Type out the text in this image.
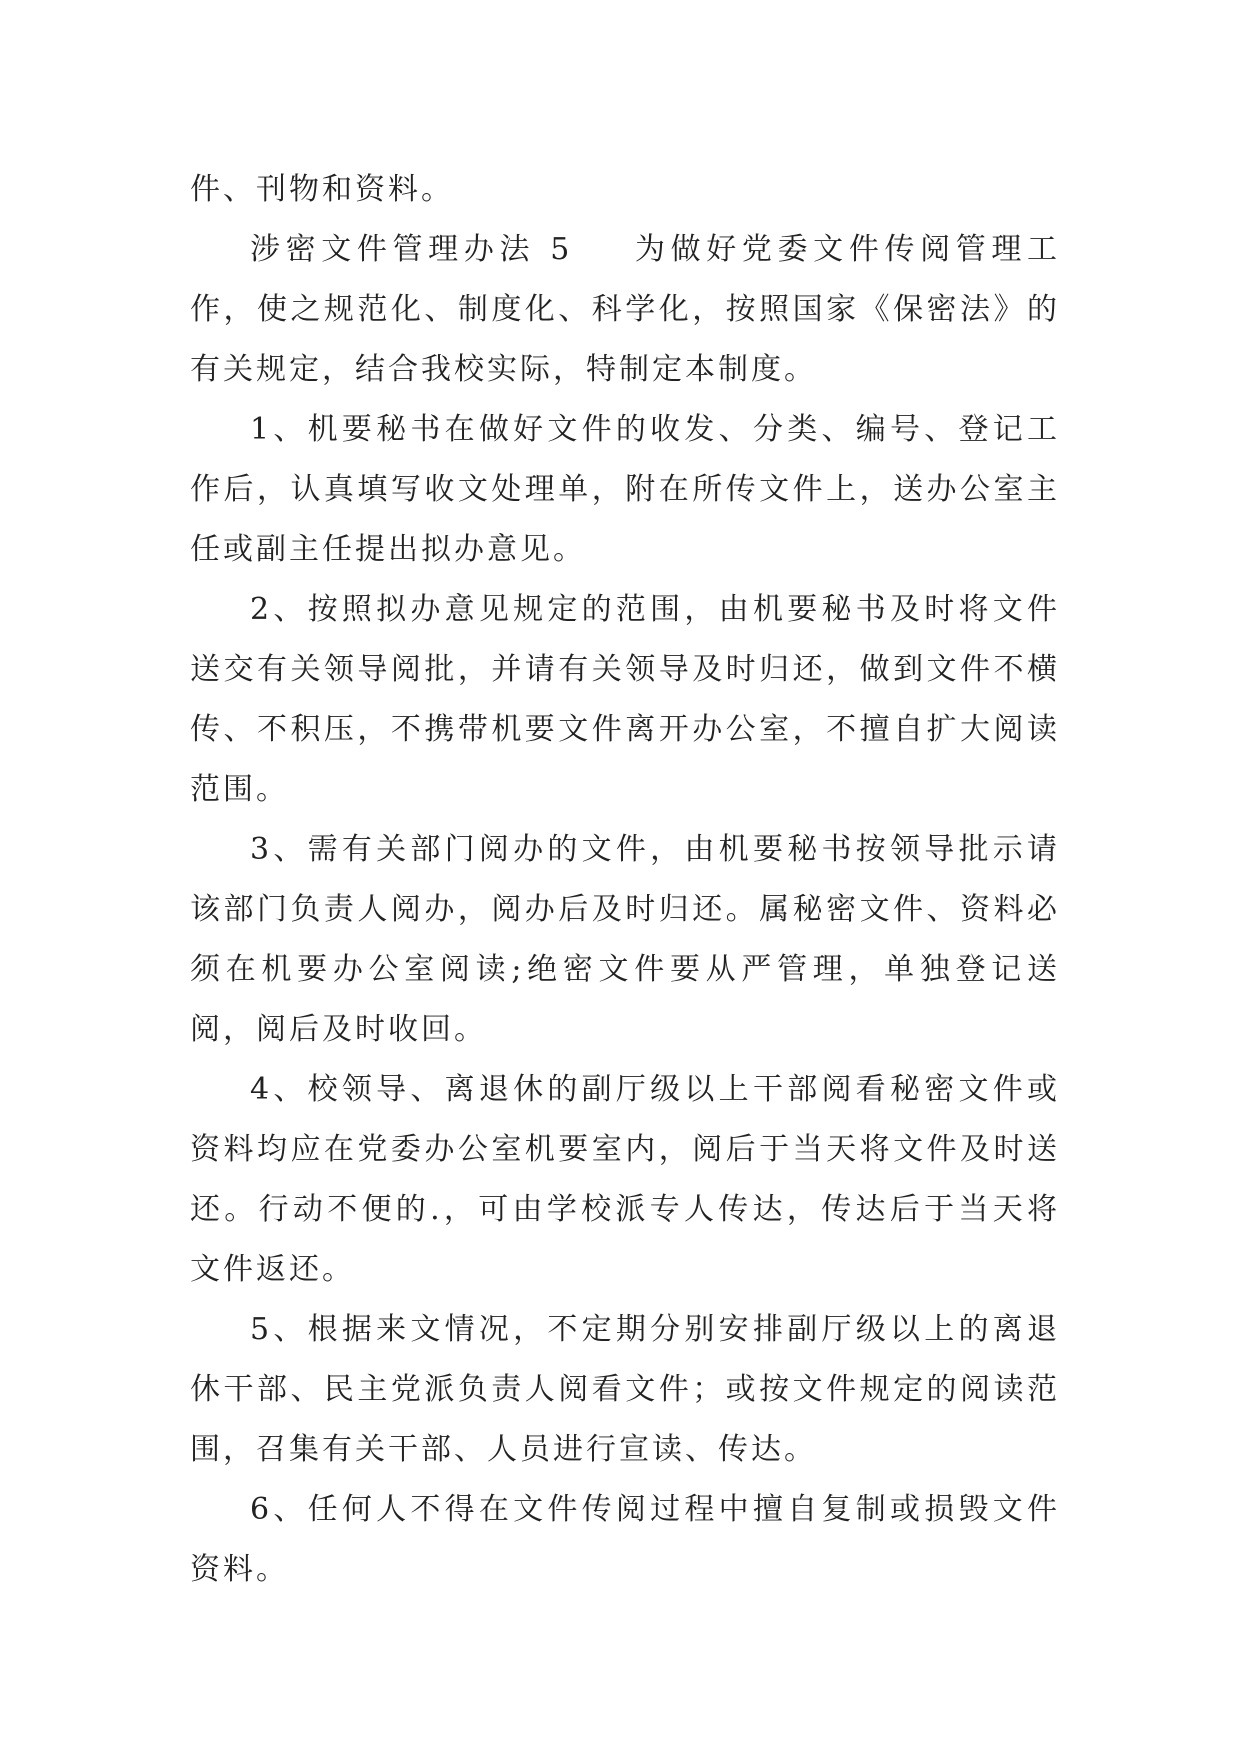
件、刊物和资料。

涉密文件管理办法 5 为做好党委文件传阅管理工作，使之规范化、制度化、科学化，按照国家《保密法》的有关规定，结合我校实际，特制定本制度。

1、机要秘书在做好文件的收发、分类、编号、登记工作后，认真填写收文处理单，附在所传文件上，送办公室主任或副主任提出拟办意见。

2、按照拟办意见规定的范围，由机要秘书及时将文件送交有关领导阅批，并请有关领导及时归还，做到文件不横传、不积压，不携带机要文件离开办公室，不擅自扩大阅读范围。

3、需有关部门阅办的文件，由机要秘书按领导批示请该部门负责人阅办，阅办后及时归还。属秘密文件、资料必须在机要办公室阅读;绝密文件要从严管理，单独登记送阅，阅后及时收回。

4、校领导、离退休的副厅级以上干部阅看秘密文件或资料均应在党委办公室机要室内，阅后于当天将文件及时送还。行动不便的.，可由学校派专人传达，传达后于当天将文件返还。

5、根据来文情况，不定期分别安排副厅级以上的离退休干部、民主党派负责人阅看文件；或按文件规定的阅读范围，召集有关干部、人员进行宣读、传达。

6、任何人不得在文件传阅过程中擅自复制或损毁文件资料。
